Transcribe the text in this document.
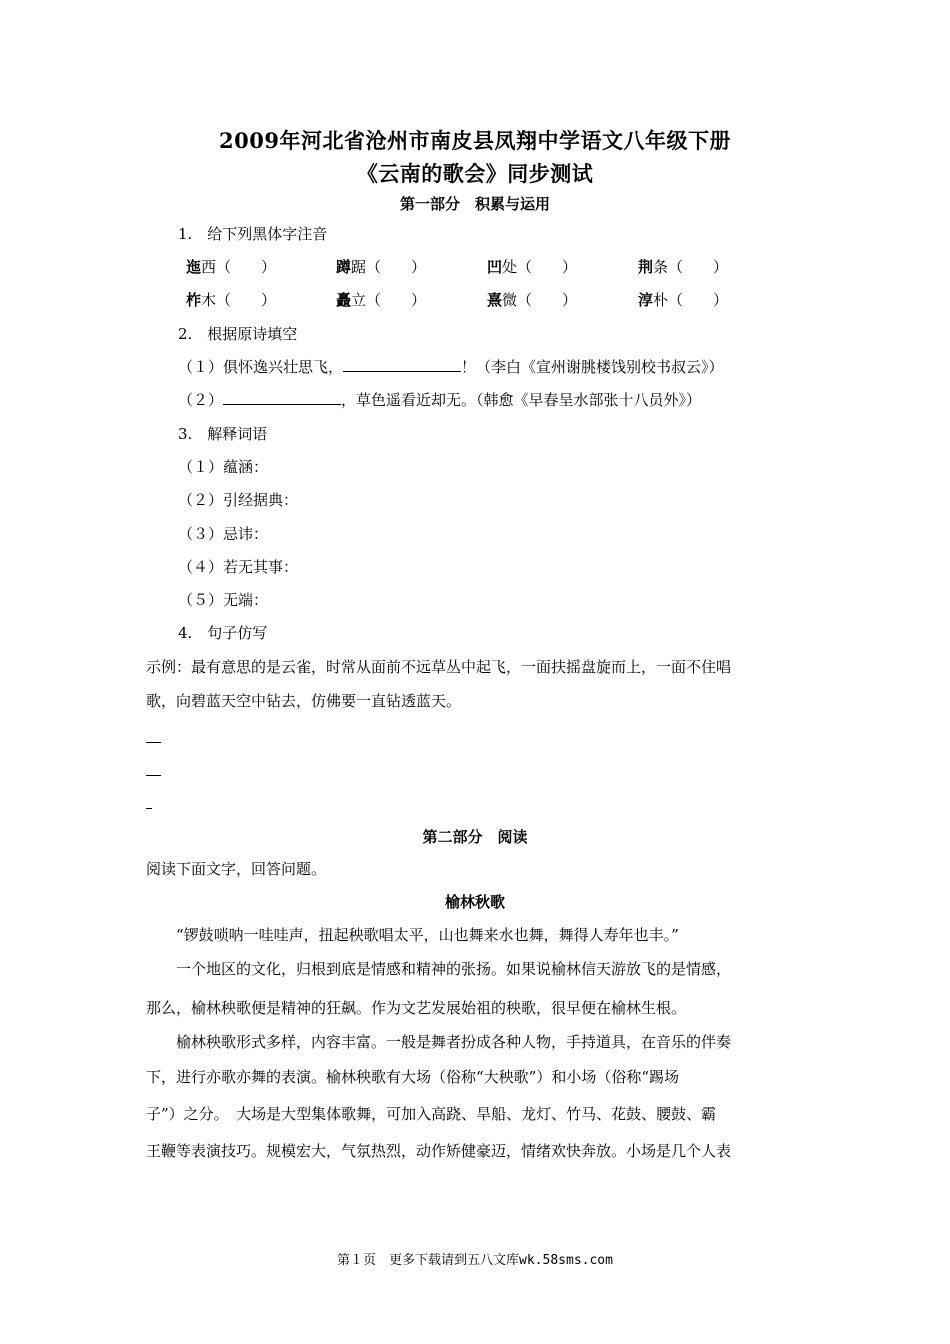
2009年河北省沧州市南皮县凤翔中学语文八年级下册
《云南的歌会》同步测试
第一部分　积累与运用
1.　给下列黑体字注音
迤西（　　）	蹲踞（　　）	凹处（　　）	荆条（　　）
柞木（　　）	矗立（　　）	熹微（　　）	淳朴（　　）
2.　根据原诗填空
（１）俱怀逸兴壮思飞，	！（李白《宣州谢朓楼饯别校书叔云》）
（２）	，草色遥看近却无。（韩愈《早春呈水部张十八员外》）
3.　解释词语
（１）蕴涵：
（２）引经据典：
（３）忌讳：
（４）若无其事：
（５）无端：
4.　句子仿写
示例：最有意思的是云雀，时常从面前不远草丛中起飞，一面扶摇盘旋而上，一面不住唱
歌，向碧蓝天空中钻去，仿佛要一直钻透蓝天。
第二部分　阅读
阅读下面文字，回答问题。
榆林秋歌
　　“锣鼓唢呐一哇哇声，扭起秧歌唱太平，山也舞来水也舞，舞得人寿年也丰。”
　　一个地区的文化，归根到底是情感和精神的张扬。如果说榆林信天游放飞的是情感，
那么，榆林秧歌便是精神的狂飙。作为文艺发展始祖的秧歌，很早便在榆林生根。
　　榆林秧歌形式多样，内容丰富。一般是舞者扮成各种人物，手持道具，在音乐的伴奏
下，进行亦歌亦舞的表演。榆林秧歌有大场（俗称“大秧歌”）和小场（俗称“踢场
子”）之分。　大场是大型集体歌舞，可加入高跷、旱船、龙灯、竹马、花鼓、腰鼓、霸
王鞭等表演技巧。规模宏大，气氛热烈，动作矫健豪迈，情绪欢快奔放。小场是几个人表
第１页　更多下载请到五八文库wk.58sms.com
